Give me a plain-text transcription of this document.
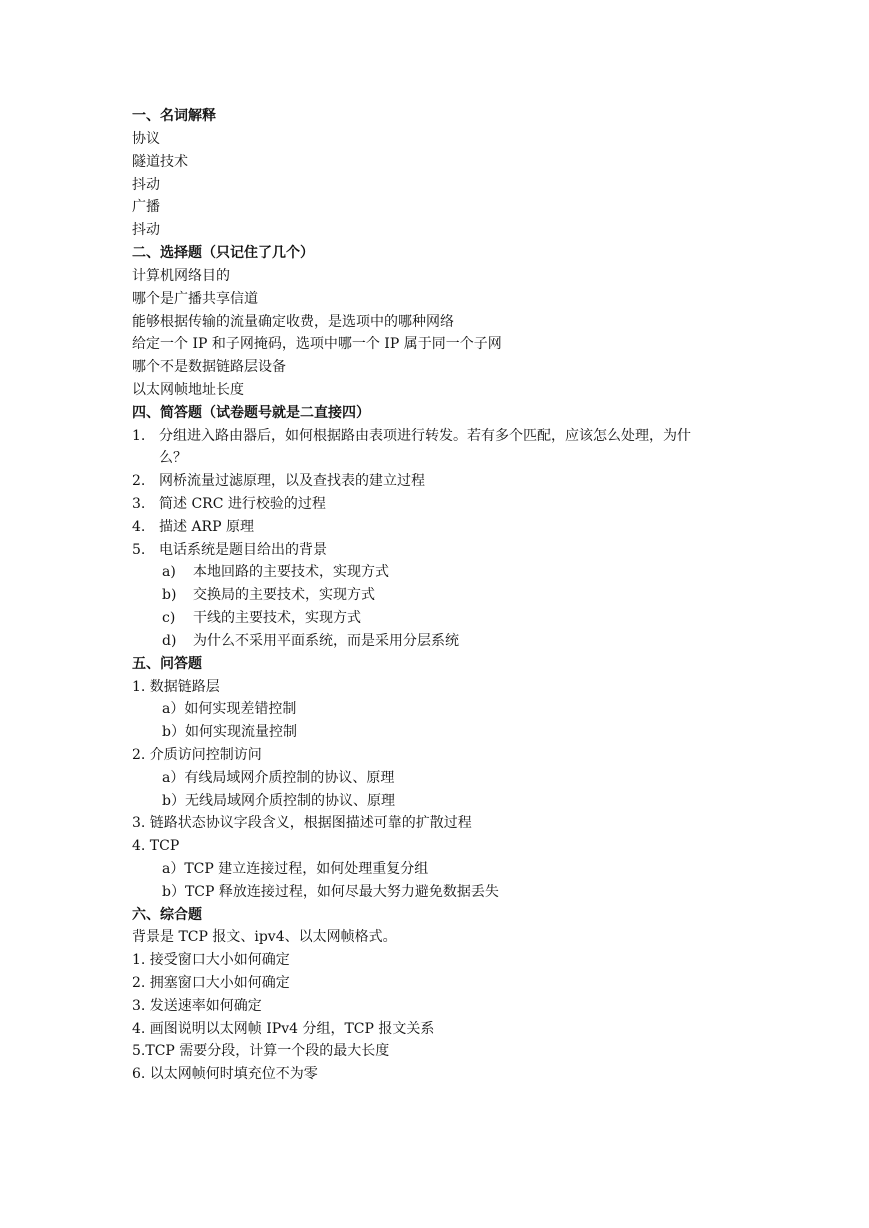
一、名词解释
协议
隧道技术
抖动
广播
抖动
二、选择题（只记住了几个）
计算机网络目的
哪个是广播共享信道
能够根据传输的流量确定收费，是选项中的哪种网络
给定一个 IP 和子网掩码，选项中哪一个 IP 属于同一个子网
哪个不是数据链路层设备
以太网帧地址长度
四、简答题（试卷题号就是二直接四）
1. 分组进入路由器后，如何根据路由表项进行转发。若有多个匹配，应该怎么处理，为什
么？
2. 网桥流量过滤原理，以及查找表的建立过程
3. 简述 CRC 进行校验的过程
4. 描述 ARP 原理
5. 电话系统是题目给出的背景
a) 本地回路的主要技术，实现方式
b) 交换局的主要技术，实现方式
c) 干线的主要技术，实现方式
d) 为什么不采用平面系统，而是采用分层系统
五、问答题
1. 数据链路层
a）如何实现差错控制
b）如何实现流量控制
2. 介质访问控制访问
a）有线局域网介质控制的协议、原理
b）无线局域网介质控制的协议、原理
3. 链路状态协议字段含义，根据图描述可靠的扩散过程
4. TCP
a）TCP 建立连接过程，如何处理重复分组
b）TCP 释放连接过程，如何尽最大努力避免数据丢失
六、综合题
背景是 TCP 报文、ipv4、以太网帧格式。
1. 接受窗口大小如何确定
2. 拥塞窗口大小如何确定
3. 发送速率如何确定
4. 画图说明以太网帧 IPv4 分组，TCP 报文关系
5.TCP 需要分段，计算一个段的最大长度
6. 以太网帧何时填充位不为零
